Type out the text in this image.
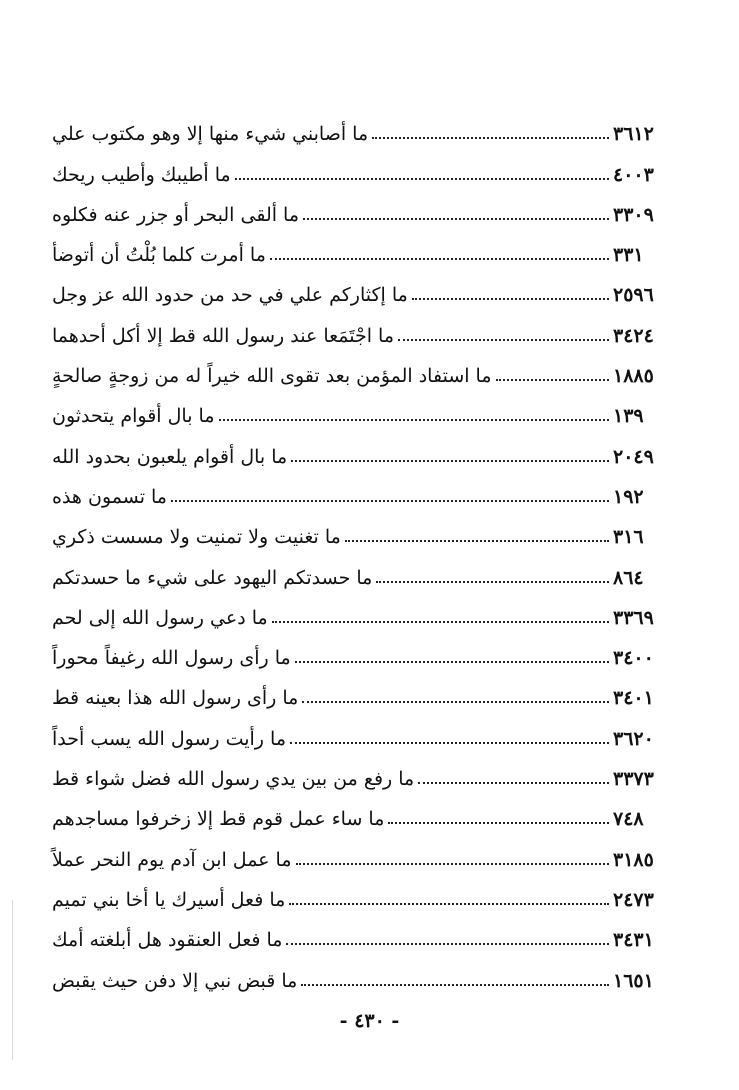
ما أصابني شيء منها إلا وهو مكتوب علي	٣٦١٢
ما أطيبك وأطيب ريحك	٤٠٠٣
ما ألقى البحر أو جزر عنه فكلوه	٣٣٠٩
ما أمرت كلما بُلْتُ أن أتوضأ	٣٣١
ما إكثاركم علي في حد من حدود الله عز وجل	٢٥٩٦
ما اجْتَمَعا عند رسول الله قط إلا أكل أحدهما	٣٤٢٤
ما استفاد المؤمن بعد تقوى الله خيراً له من زوجةٍ صالحةٍ	١٨٨٥
ما بال أقوام يتحدثون	١٣٩
ما بال أقوام يلعبون بحدود الله	٢٠٤٩
ما تسمون هذه	١٩٢
ما تغنيت ولا تمنيت ولا مسست ذكري	٣١٦
ما حسدتكم اليهود على شيء ما حسدتكم	٨٦٤
ما دعي رسول الله إلى لحم	٣٣٦٩
ما رأى رسول الله رغيفاً محوراً	٣٤٠٠
ما رأى رسول الله هذا بعينه قط	٣٤٠١
ما رأيت رسول الله يسب أحداً	٣٦٢٠
ما رفع من بين يدي رسول الله فضل شواء قط	٣٣٧٣
ما ساء عمل قوم قط إلا زخرفوا مساجدهم	٧٤٨
ما عمل ابن آدم يوم النحر عملاً	٣١٨٥
ما فعل أسيرك يا أخا بني تميم	٢٤٧٣
ما فعل العنقود هل أبلغته أمك	٣٤٣١
ما قبض نبي إلا دفن حيث يقبض	١٦٥١
- ٤٣٠ -
